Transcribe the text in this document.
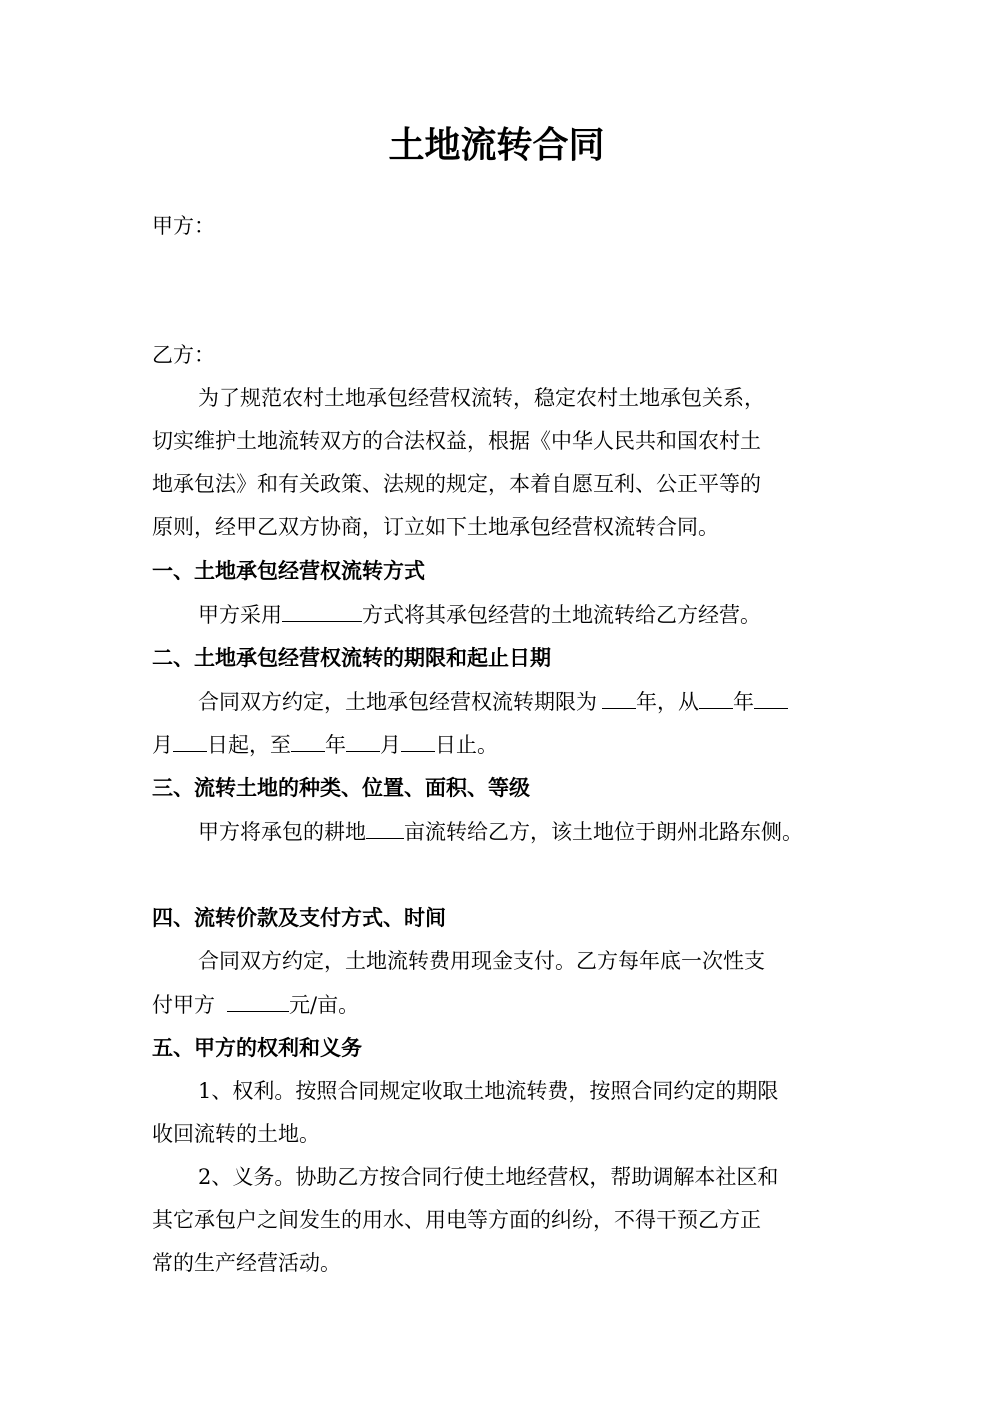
土地流转合同
甲方：
乙方：
为了规范农村土地承包经营权流转，稳定农村土地承包关系，
切实维护土地流转双方的合法权益，根据《中华人民共和国农村土
地承包法》和有关政策、法规的规定，本着自愿互利、公正平等的
原则，经甲乙双方协商，订立如下土地承包经营权流转合同。
一、土地承包经营权流转方式
甲方采用	方式将其承包经营的土地流转给乙方经营。
二、土地承包经营权流转的期限和起止日期
合同双方约定，土地承包经营权流转期限为 年，从 年
月 日起，至 年 月 日止。
三、流转土地的种类、位置、面积、等级
甲方将承包的耕地 亩流转给乙方，该土地位于朗州北路东侧。
四、流转价款及支付方式、时间
合同双方约定，土地流转费用现金支付。乙方每年底一次性支
付甲方	元/亩。
五、甲方的权利和义务
1、权利。按照合同规定收取土地流转费，按照合同约定的期限
收回流转的土地。
2、义务。协助乙方按合同行使土地经营权，帮助调解本社区和
其它承包户之间发生的用水、用电等方面的纠纷，不得干预乙方正
常的生产经营活动。
